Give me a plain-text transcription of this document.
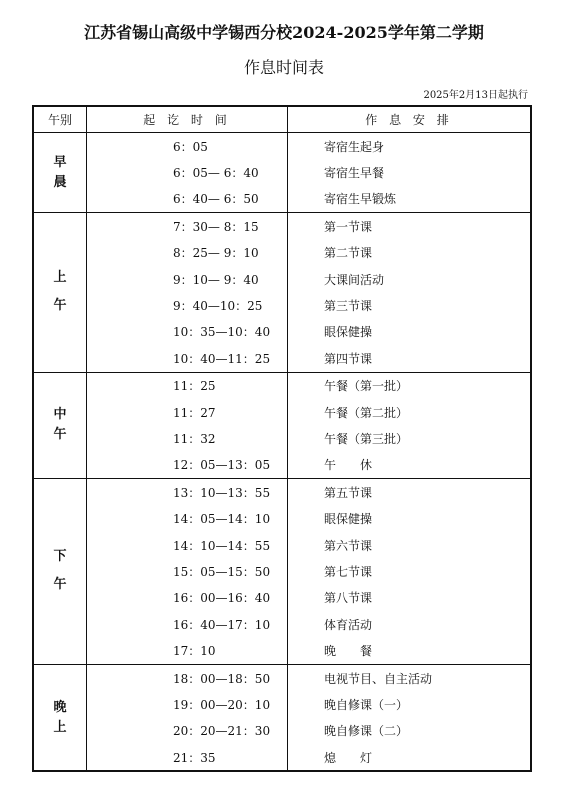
江苏省锡山高级中学锡西分校2024-2025学年第二学期
作息时间表
2025年2月13日起执行
午别	起 讫 时 间	作 息 安 排
早晨	6：05	寄宿生起身
	6：05— 6：40	寄宿生早餐
	6：40— 6：50	寄宿生早锻炼
上午	7：30— 8：15	第一节课
	8：25— 9：10	第二节课
	9：10— 9：40	大课间活动
	9：40—10：25	第三节课
	10：35—10：40	眼保健操
	10：40—11：25	第四节课
中午	11：25	午餐（第一批）
	11：27	午餐（第二批）
	11：32	午餐（第三批）
	12：05—13：05	午　　休
下午	13：10—13：55	第五节课
	14：05—14：10	眼保健操
	14：10—14：55	第六节课
	15：05—15：50	第七节课
	16：00—16：40	第八节课
	16：40—17：10	体育活动
	17：10	晚　　餐
晚上	18：00—18：50	电视节目、自主活动
	19：00—20：10	晚自修课（一）
	20：20—21：30	晚自修课（二）
	21：35	熄　　灯
